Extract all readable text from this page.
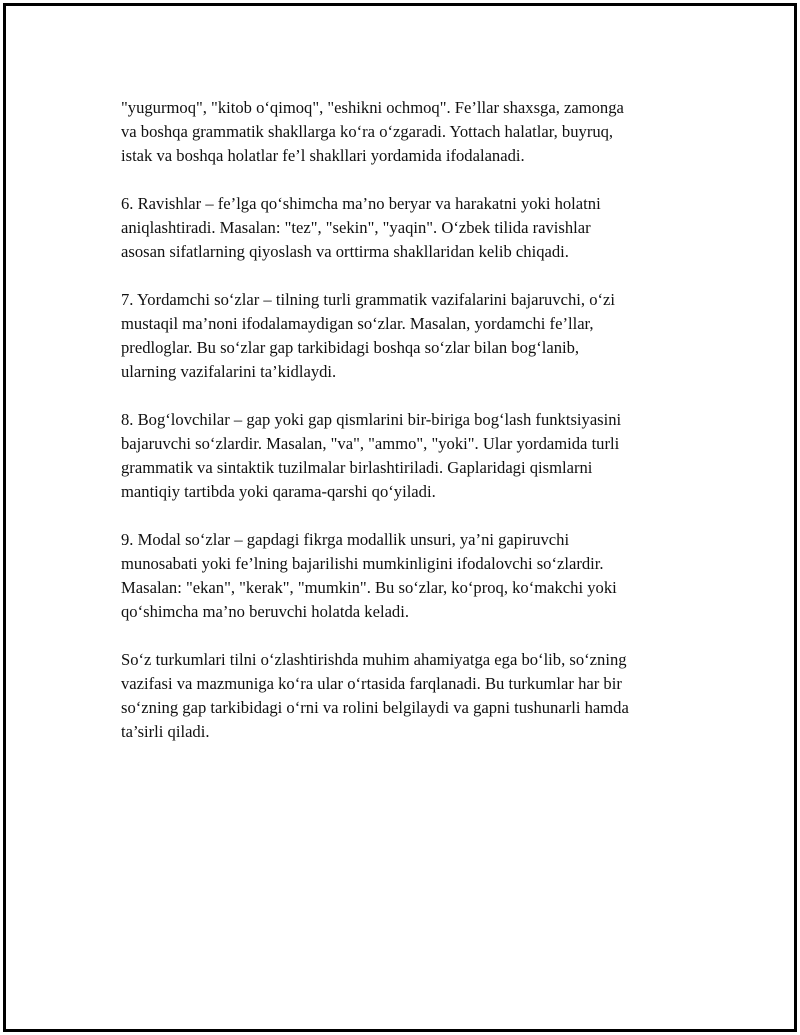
"yugurmoq", "kitob o‘qimoq", "eshikni ochmoq". Fe’llar shaxsga, zamonga
va boshqa grammatik shakllarga ko‘ra o‘zgaradi. Yottach halatlar, buyruq,
istak va boshqa holatlar fe’l shakllari yordamida ifodalanadi.

6. Ravishlar – fe’lga qo‘shimcha ma’no beryar va harakatni yoki holatni
aniqlashtiradi. Masalan: "tez", "sekin", "yaqin". O‘zbek tilida ravishlar
asosan sifatlarning qiyoslash va orttirma shakllaridan kelib chiqadi.

7. Yordamchi so‘zlar – tilning turli grammatik vazifalarini bajaruvchi, o‘zi
mustaqil ma’noni ifodalamaydigan so‘zlar. Masalan, yordamchi fe’llar,
predloglar. Bu so‘zlar gap tarkibidagi boshqa so‘zlar bilan bog‘lanib,
ularning vazifalarini ta’kidlaydi.

8. Bog‘lovchilar – gap yoki gap qismlarini bir-biriga bog‘lash funktsiyasini
bajaruvchi so‘zlardir. Masalan, "va", "ammo", "yoki". Ular yordamida turli
grammatik va sintaktik tuzilmalar birlashtiriladi. Gaplaridagi qismlarni
mantiqiy tartibda yoki qarama-qarshi qo‘yiladi.

9. Modal so‘zlar – gapdagi fikrga modallik unsuri, ya’ni gapiruvchi
munosabati yoki fe’lning bajarilishi mumkinligini ifodalovchi so‘zlardir.
Masalan: "ekan", "kerak", "mumkin". Bu so‘zlar, ko‘proq, ko‘makchi yoki
qo‘shimcha ma’no beruvchi holatda keladi.

So‘z turkumlari tilni o‘zlashtirishda muhim ahamiyatga ega bo‘lib, so‘zning
vazifasi va mazmuniga ko‘ra ular o‘rtasida farqlanadi. Bu turkumlar har bir
so‘zning gap tarkibidagi o‘rni va rolini belgilaydi va gapni tushunarli hamda
ta’sirli qiladi.
